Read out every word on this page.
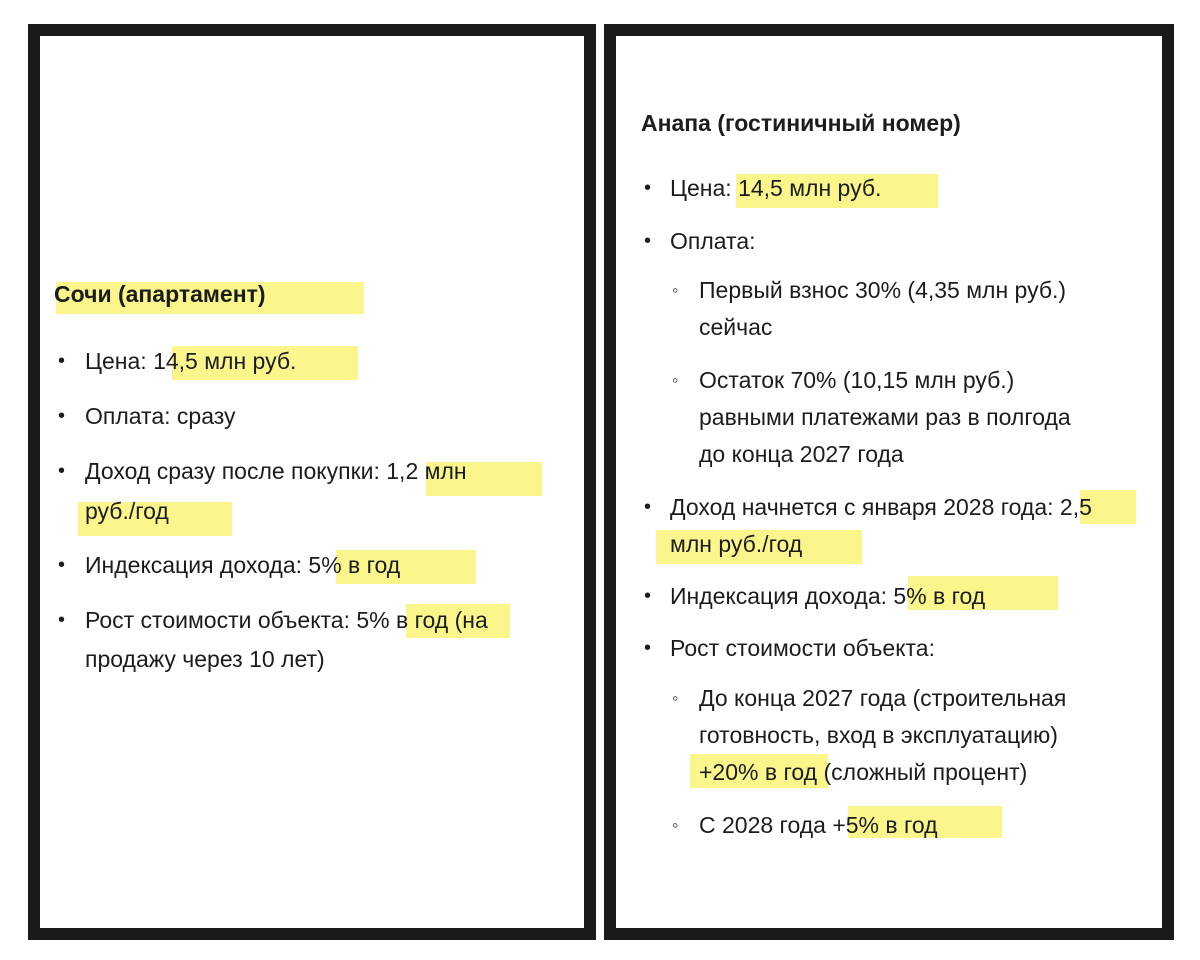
Сочи (апартамент)
• Цена: 14,5 млн руб.
• Оплата: сразу
• Доход сразу после покупки: 1,2 млн
руб./год
• Индексация дохода: 5% в год
• Рост стоимости объекта: 5% в год (на
продажу через 10 лет)
Анапа (гостиничный номер)
• Цена: 14,5 млн руб.
• Оплата:
◦ Первый взнос 30% (4,35 млн руб.)
сейчас
◦ Остаток 70% (10,15 млн руб.)
равными платежами раз в полгода
до конца 2027 года
• Доход начнется с января 2028 года: 2,5
млн руб./год
• Индексация дохода: 5% в год
• Рост стоимости объекта:
◦ До конца 2027 года (строительная
готовность, вход в эксплуатацию)
+20% в год (сложный процент)
◦ С 2028 года +5% в год
